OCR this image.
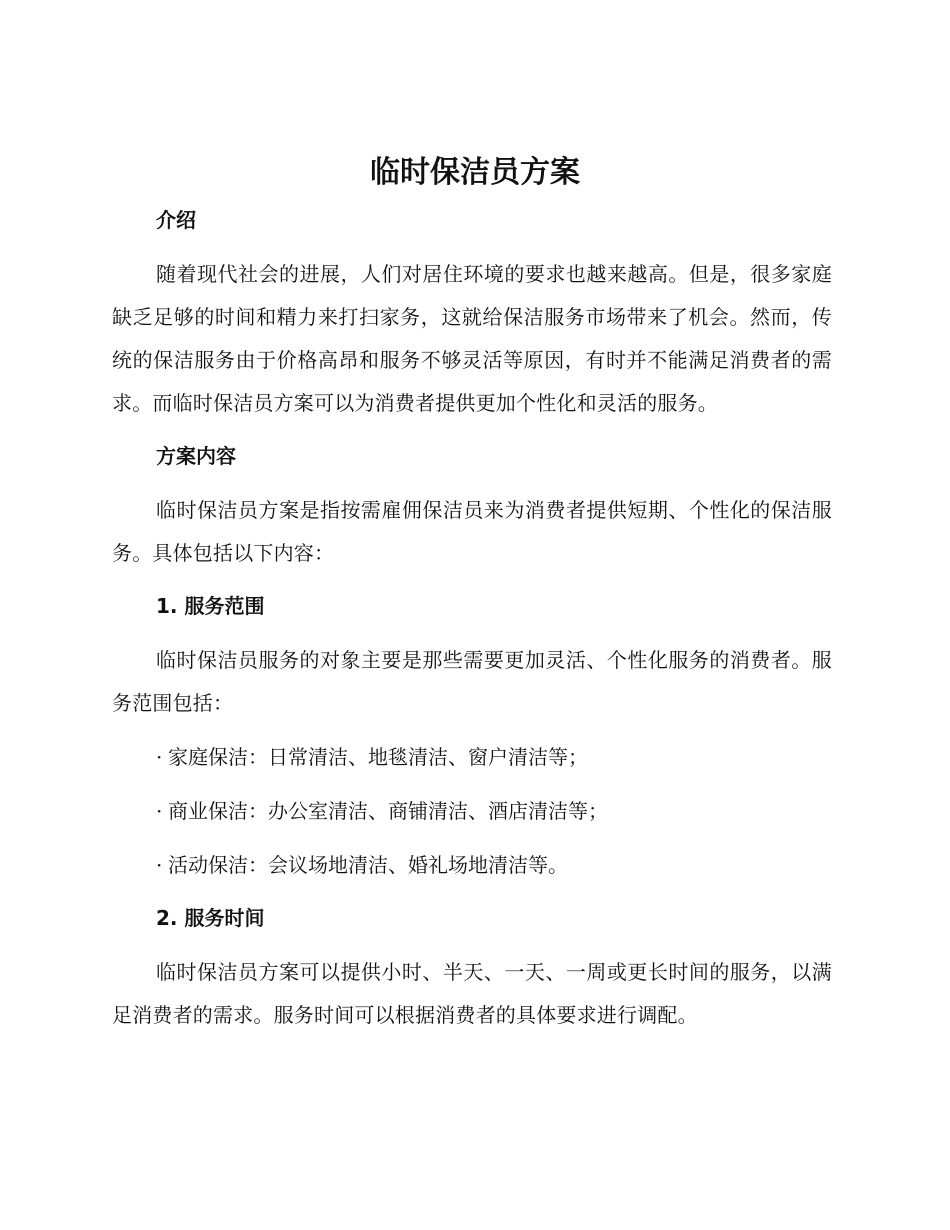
临时保洁员方案
介绍

随着现代社会的进展，人们对居住环境的要求也越来越高。但是，很多家庭缺乏足够的时间和精力来打扫家务，这就给保洁服务市场带来了机会。然而，传统的保洁服务由于价格高昂和服务不够灵活等原因，有时并不能满足消费者的需求。而临时保洁员方案可以为消费者提供更加个性化和灵活的服务。

方案内容

临时保洁员方案是指按需雇佣保洁员来为消费者提供短期、个性化的保洁服务。具体包括以下内容：

1. 服务范围

临时保洁员服务的对象主要是那些需要更加灵活、个性化服务的消费者。服务范围包括：

· 家庭保洁：日常清洁、地毯清洁、窗户清洁等；
· 商业保洁：办公室清洁、商铺清洁、酒店清洁等；
· 活动保洁：会议场地清洁、婚礼场地清洁等。
2. 服务时间

临时保洁员方案可以提供小时、半天、一天、一周或更长时间的服务，以满足消费者的需求。服务时间可以根据消费者的具体要求进行调配。
